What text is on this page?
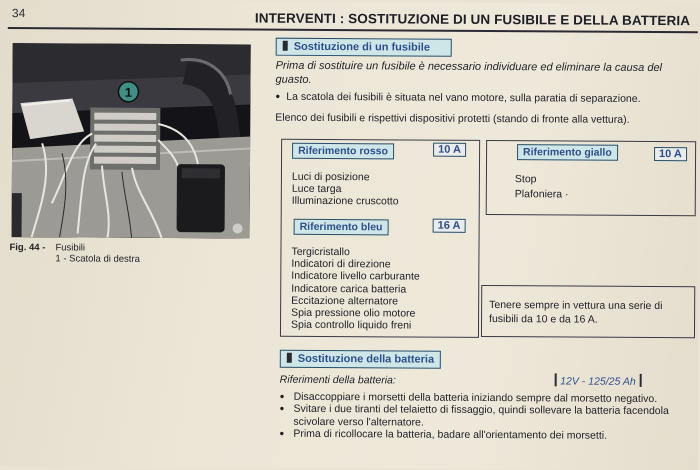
34	INTERVENTI : SOSTITUZIONE DI UN FUSIBILE E DELLA BATTERIA
1
Fig. 44 - Fusibili
1 - Scatola di destra
Sostituzione di un fusibile
Prima di sostituire un fusibile è necessario individuare ed eliminare la causa del guasto.
● La scatola dei fusibili è situata nel vano motore, sulla paratia di separazione.
Elenco dei fusibili e rispettivi dispositivi protetti (stando di fronte alla vettura).
Riferimento rosso	10 A
Luci di posizione
Luce targa
Illuminazione cruscotto
Riferimento bleu	16 A
Tergicristallo
Indicatori di direzione
Indicatore livello carburante
Indicatore carica batteria
Eccitazione alternatore
Spia pressione olio motore
Spia controllo liquido freni
Riferimento giallo	10 A
Stop
Plafoniera ·
Tenere sempre in vettura una serie di fusibili da 10 e da 16 A.
Sostituzione della batteria
Riferimenti della batteria:	12V - 125/25 Ah
● Disaccoppiare i morsetti della batteria iniziando sempre dal morsetto negativo.
● Svitare i due tiranti del telaietto di fissaggio, quindi sollevare la batteria facendola scivolare verso l'alternatore.
● Prima di ricollocare la batteria, badare all'orientamento dei morsetti.
